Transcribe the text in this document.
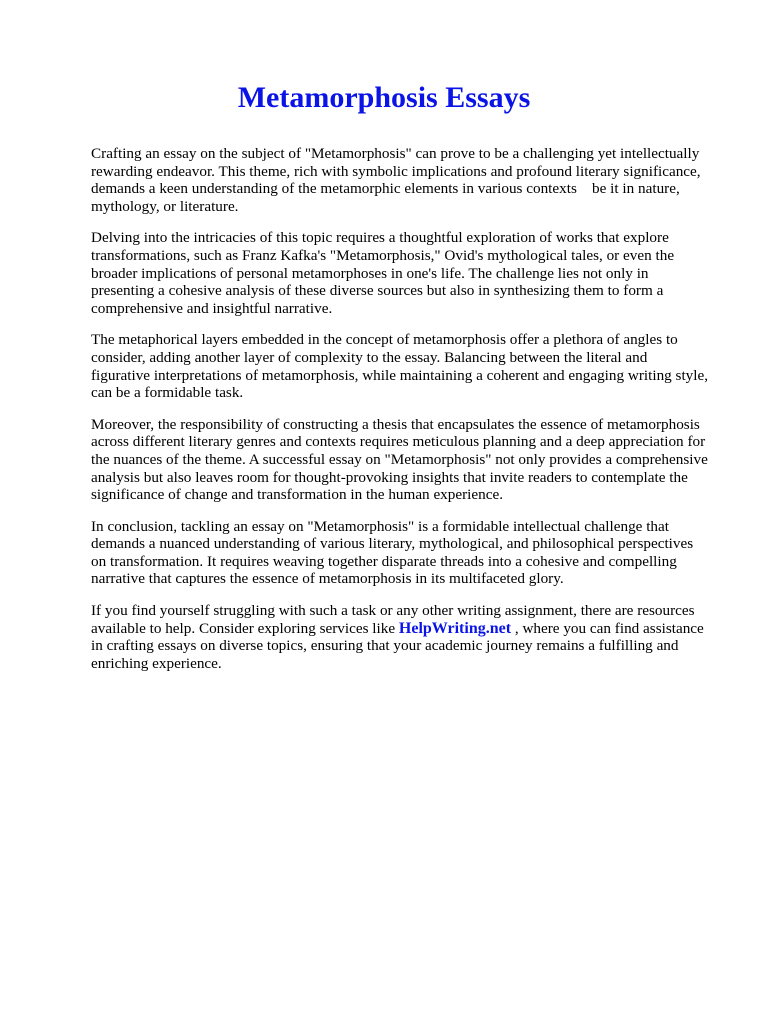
Metamorphosis Essays

Crafting an essay on the subject of "Metamorphosis" can prove to be a challenging yet intellectually
rewarding endeavor. This theme, rich with symbolic implications and profound literary significance,
demands a keen understanding of the metamorphic elements in various contexts    be it in nature,
mythology, or literature.

Delving into the intricacies of this topic requires a thoughtful exploration of works that explore
transformations, such as Franz Kafka's "Metamorphosis," Ovid's mythological tales, or even the
broader implications of personal metamorphoses in one's life. The challenge lies not only in
presenting a cohesive analysis of these diverse sources but also in synthesizing them to form a
comprehensive and insightful narrative.

The metaphorical layers embedded in the concept of metamorphosis offer a plethora of angles to
consider, adding another layer of complexity to the essay. Balancing between the literal and
figurative interpretations of metamorphosis, while maintaining a coherent and engaging writing style,
can be a formidable task.

Moreover, the responsibility of constructing a thesis that encapsulates the essence of metamorphosis
across different literary genres and contexts requires meticulous planning and a deep appreciation for
the nuances of the theme. A successful essay on "Metamorphosis" not only provides a comprehensive
analysis but also leaves room for thought-provoking insights that invite readers to contemplate the
significance of change and transformation in the human experience.

In conclusion, tackling an essay on "Metamorphosis" is a formidable intellectual challenge that
demands a nuanced understanding of various literary, mythological, and philosophical perspectives
on transformation. It requires weaving together disparate threads into a cohesive and compelling
narrative that captures the essence of metamorphosis in its multifaceted glory.

If you find yourself struggling with such a task or any other writing assignment, there are resources
available to help. Consider exploring services like HelpWriting.net , where you can find assistance
in crafting essays on diverse topics, ensuring that your academic journey remains a fulfilling and
enriching experience.
